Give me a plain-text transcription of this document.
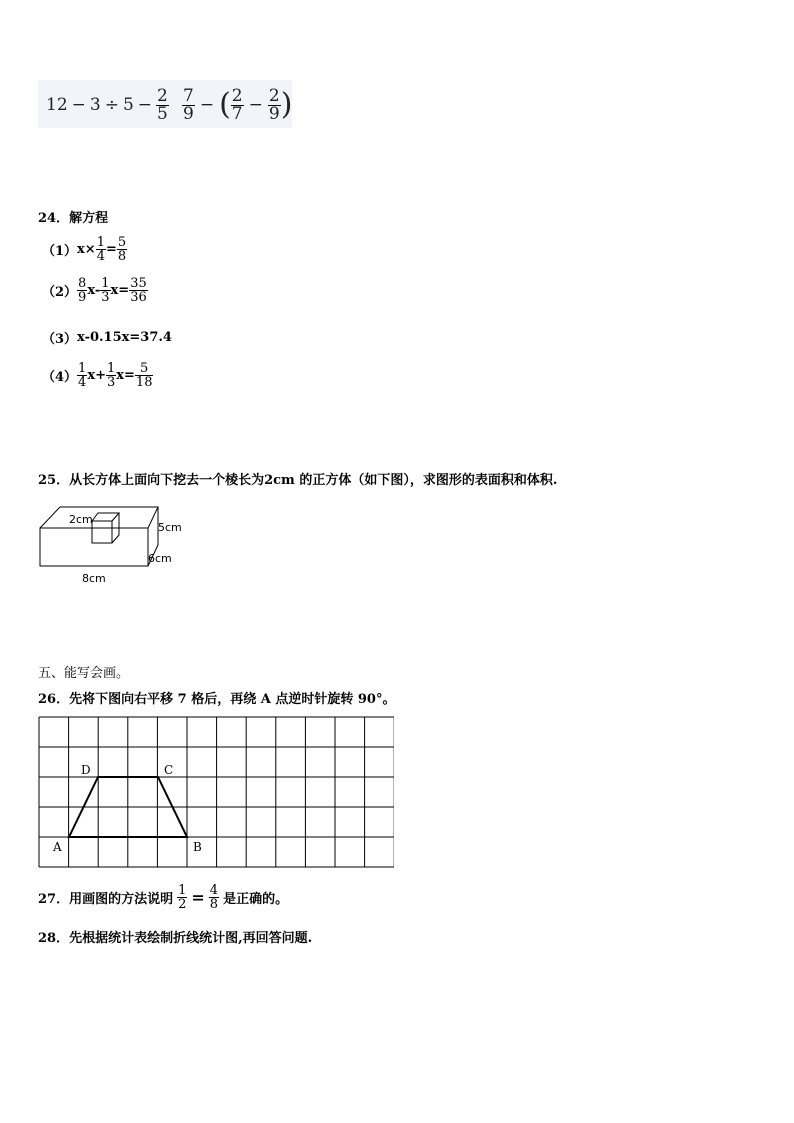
$12 - 3 \div 5 - \frac{2}{5} \frac{7}{9}$ − ( $\frac{2}{7} - \frac{2}{9}$ )
24．解方程
（1） $x\times \frac{1}{4} = \frac{5}{8}$
$(2) \frac{8}{9} x- \frac{1}{3} x= \frac{35}{36}$
（3） x-0.15x=37.4
$(4) \frac{1}{4} x+ \frac{1}{3} x= \frac{5}{18}$
25．从长方体上面向下挖去一个棱长为2cm 的正方体（如下图），求图形的表面积和体积.
2cm
5cm
6cm
8cm
五、能写会画。
26．先将下图向右平移 7 格后，再绕 A 点逆时针旋转 90°。
A	B
C
D
27．用画图的方法说明 $\frac{1}{2} = \frac{4}{8}$ 是正确的。
28．先根据统计表绘制折线统计图,再回答问题.
